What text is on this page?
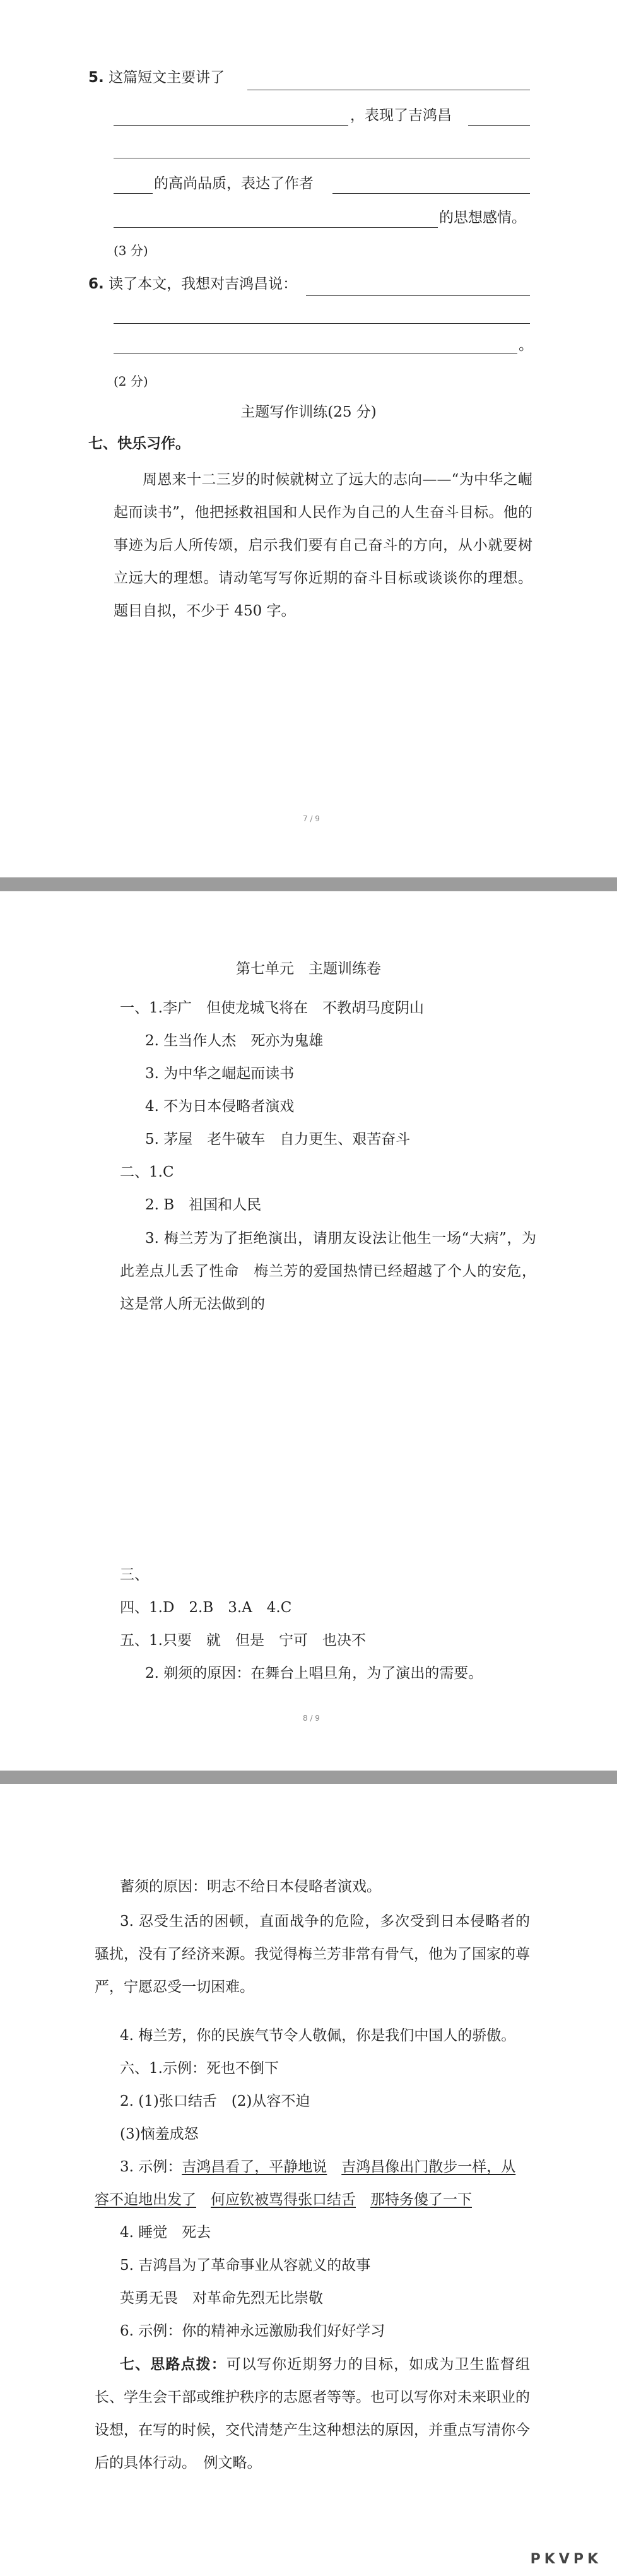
5. 这篇短文主要讲了
，表现了吉鸿昌
的高尚品质，表达了作者
的思想感情。
(3 分)
6. 读了本文，我想对吉鸿昌说：
。
(2 分)
主题写作训练(25 分)
七、快乐习作。
周恩来十二三岁的时候就树立了远大的志向——“为中华之崛起而读书”，他把拯救祖国和人民作为自己的人生奋斗目标。他的事迹为后人所传颂，启示我们要有自己奋斗的方向，从小就要树立远大的理想。请动笔写写你近期的奋斗目标或谈谈你的理想。题目自拟，不少于 450 字。
7 / 9
第七单元　主题训练卷
一、1.李广　但使龙城飞将在　不教胡马度阴山
2. 生当作人杰　死亦为鬼雄
3. 为中华之崛起而读书
4. 不为日本侵略者演戏
5. 茅屋　老牛破车　自力更生、艰苦奋斗
二、1.C
2. B　祖国和人民
3. 梅兰芳为了拒绝演出，请朋友设法让他生一场“大病”，为此差点儿丢了性命　梅兰芳的爱国热情已经超越了个人的安危，这是常人所无法做到的
三、
四、1.D　2.B　3.A　4.C
五、1.只要　就　但是　宁可　也决不
2. 剃须的原因：在舞台上唱旦角，为了演出的需要。
8 / 9
蓄须的原因：明志不给日本侵略者演戏。
3. 忍受生活的困顿，直面战争的危险，多次受到日本侵略者的骚扰，没有了经济来源。我觉得梅兰芳非常有骨气，他为了国家的尊严，宁愿忍受一切困难。
4. 梅兰芳，你的民族气节令人敬佩，你是我们中国人的骄傲。
六、1.示例：死也不倒下
2. (1)张口结舌　(2)从容不迫
(3)恼羞成怒
3. 示例：吉鸿昌看了，平静地说　 吉鸿昌像出门散步一样，从
容不迫地出发了　 何应钦被骂得张口结舌　 那特务傻了一下
4. 睡觉　死去
5. 吉鸿昌为了革命事业从容就义的故事
英勇无畏　对革命先烈无比崇敬
6. 示例：你的精神永远激励我们好好学习
七、思路点拨：可以写你近期努力的目标，如成为卫生监督组长、学生会干部或维护秩序的志愿者等等。也可以写你对未来职业的设想，在写的时候，交代清楚产生这种想法的原因，并重点写清你今后的具体行动。　例文略。
PKVPK
